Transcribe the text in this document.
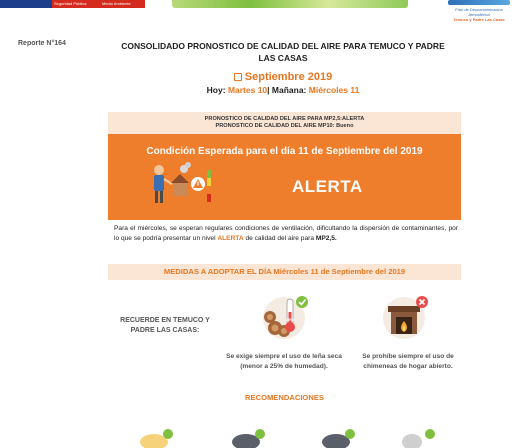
Seguridad Pública	Medio Ambiente
Plan de Descontaminación Atmosférica
Temuco y Padre Las Casas
Reporte N°164	CONSOLIDADO PRONOSTICO DE CALIDAD DEL AIRE PARA TEMUCO Y PADRE LAS CASAS
Septiembre 2019
Hoy: Martes 10| Mañana: Miércoles 11
PRONOSTICO DE CALIDAD DEL AIRE PARA MP2,5:ALERTA
PRONOSTICO DE CALIDAD DEL AIRE MP10: Bueno
Condición Esperada para el día 11 de Septiembre del 2019
ALERTA
Para el miércoles, se esperan regulares condiciones de ventilación, dificultando la dispersión de contaminantes, por lo que se podría presentar un nivel ALERTA de calidad del aire para MP2,5.
MEDIDAS A ADOPTAR EL DÍA Miércoles 11 de Septiembre del 2019
RECUERDE EN TEMUCO Y PADRE LAS CASAS:
25%
Se exige siempre el uso de leña seca (menor a 25% de humedad).
Se prohíbe siempre el uso de chimeneas de hogar abierto.
RECOMENDACIONES
